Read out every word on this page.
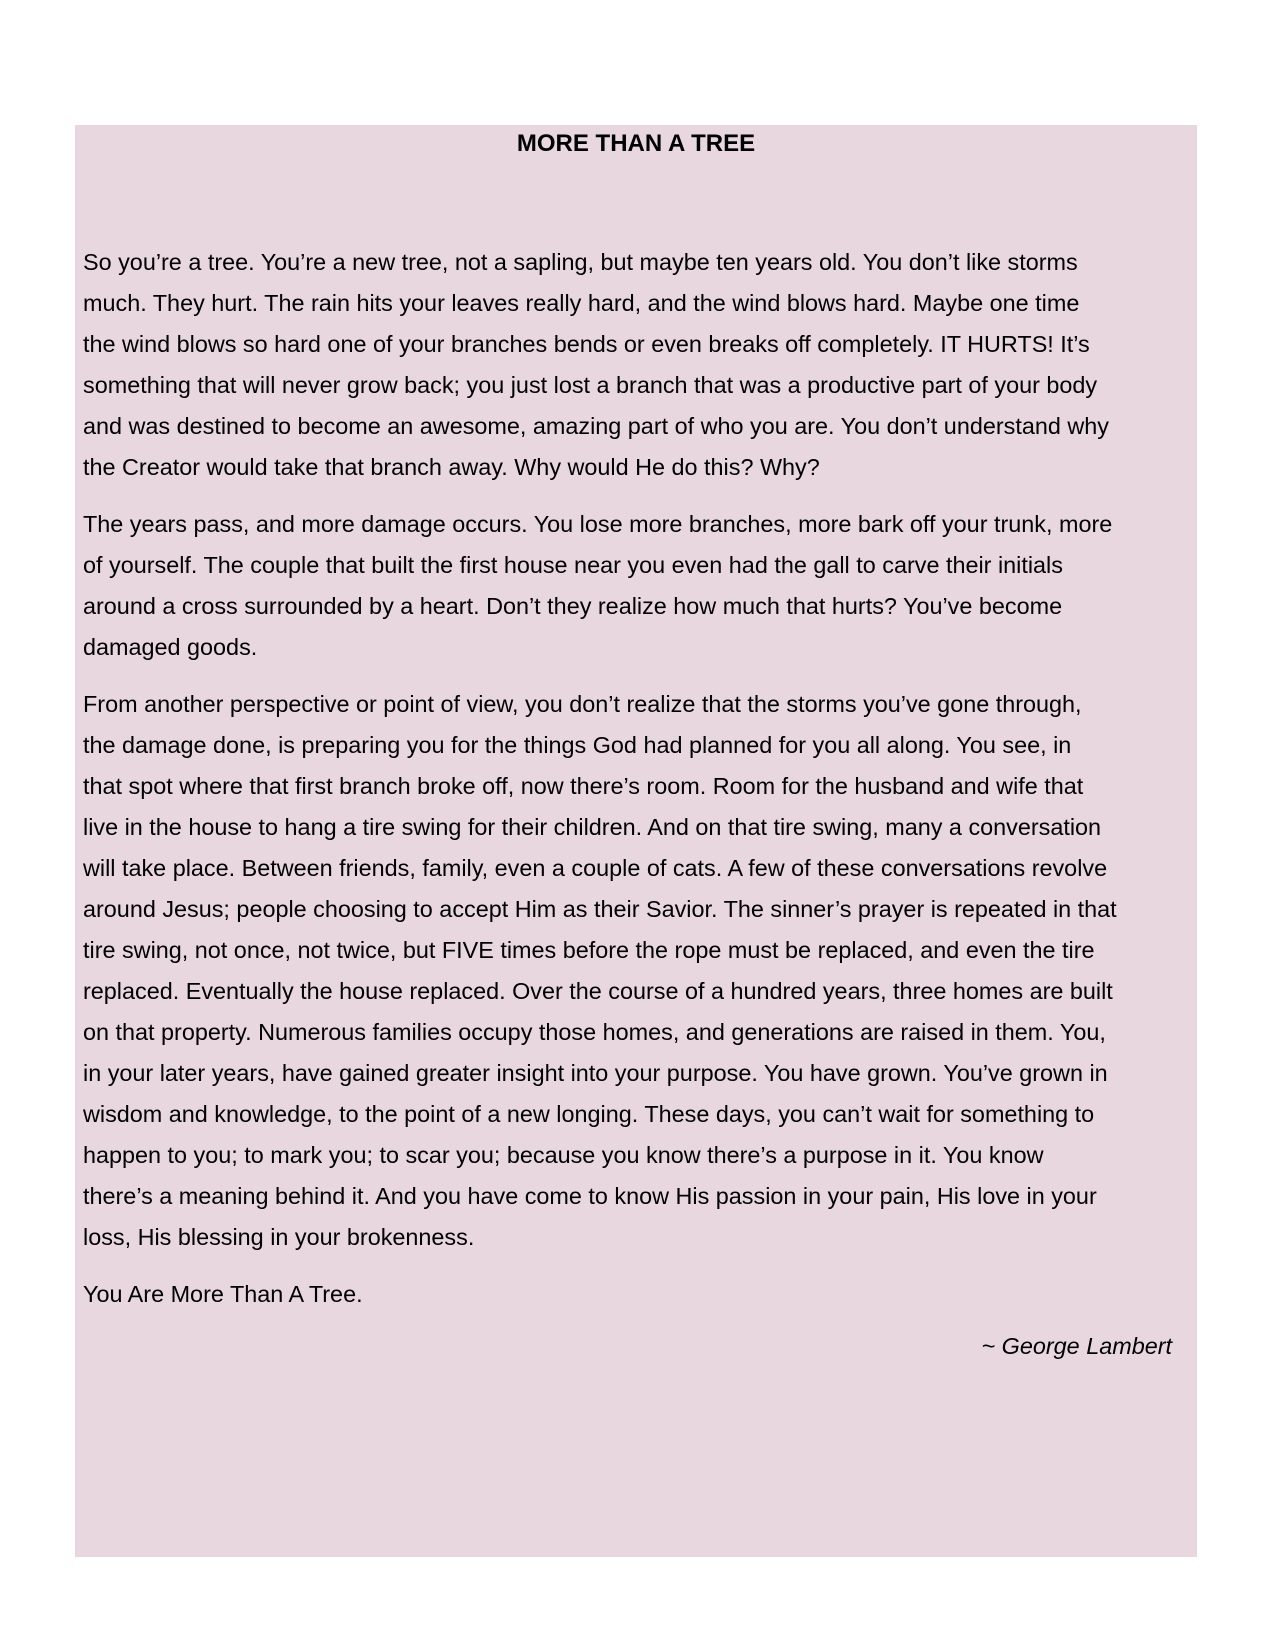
MORE THAN A TREE

So you’re a tree. You’re a new tree, not a sapling, but maybe ten years old. You don’t like storms
much. They hurt. The rain hits your leaves really hard, and the wind blows hard. Maybe one time
the wind blows so hard one of your branches bends or even breaks off completely. IT HURTS! It’s
something that will never grow back; you just lost a branch that was a productive part of your body
and was destined to become an awesome, amazing part of who you are. You don’t understand why
the Creator would take that branch away. Why would He do this? Why?

The years pass, and more damage occurs. You lose more branches, more bark off your trunk, more
of yourself. The couple that built the first house near you even had the gall to carve their initials
around a cross surrounded by a heart. Don’t they realize how much that hurts? You’ve become
damaged goods.

From another perspective or point of view, you don’t realize that the storms you’ve gone through,
the damage done, is preparing you for the things God had planned for you all along. You see, in
that spot where that first branch broke off, now there’s room. Room for the husband and wife that
live in the house to hang a tire swing for their children. And on that tire swing, many a conversation
will take place. Between friends, family, even a couple of cats. A few of these conversations revolve
around Jesus; people choosing to accept Him as their Savior. The sinner’s prayer is repeated in that
tire swing, not once, not twice, but FIVE times before the rope must be replaced, and even the tire
replaced. Eventually the house replaced. Over the course of a hundred years, three homes are built
on that property. Numerous families occupy those homes, and generations are raised in them. You,
in your later years, have gained greater insight into your purpose. You have grown. You’ve grown in
wisdom and knowledge, to the point of a new longing. These days, you can’t wait for something to
happen to you; to mark you; to scar you; because you know there’s a purpose in it. You know
there’s a meaning behind it. And you have come to know His passion in your pain, His love in your
loss, His blessing in your brokenness.

You Are More Than A Tree.

~ George Lambert
